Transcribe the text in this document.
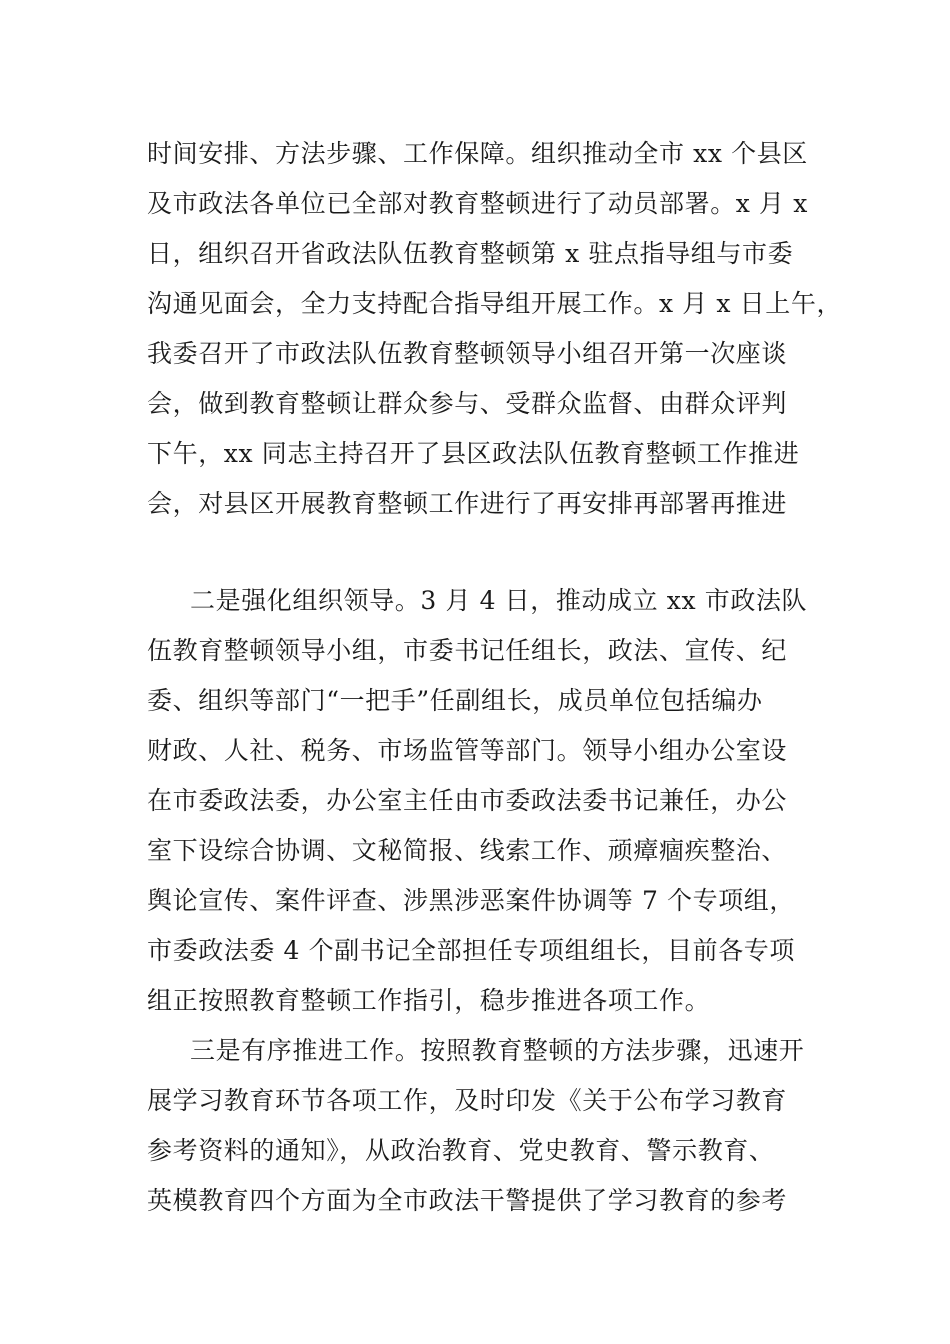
时间安排、方法步骤、工作保障。组织推动全市 xx 个县区
及市政法各单位已全部对教育整顿进行了动员部署。x 月 x
日，组织召开省政法队伍教育整顿第 x 驻点指导组与市委
沟通见面会，全力支持配合指导组开展工作。x 月 x 日上午，
我委召开了市政法队伍教育整顿领导小组召开第一次座谈
会，做到教育整顿让群众参与、受群众监督、由群众评判
下午，xx 同志主持召开了县区政法队伍教育整顿工作推进
会，对县区开展教育整顿工作进行了再安排再部署再推进
二是强化组织领导。3 月 4 日，推动成立 xx 市政法队
伍教育整顿领导小组，市委书记任组长，政法、宣传、纪
委、组织等部门“一把手”任副组长，成员单位包括编办
财政、人社、税务、市场监管等部门。领导小组办公室设
在市委政法委，办公室主任由市委政法委书记兼任，办公
室下设综合协调、文秘简报、线索工作、顽瘴痼疾整治、
舆论宣传、案件评查、涉黑涉恶案件协调等 7 个专项组，
市委政法委 4 个副书记全部担任专项组组长，目前各专项
组正按照教育整顿工作指引，稳步推进各项工作。
三是有序推进工作。按照教育整顿的方法步骤，迅速开
展学习教育环节各项工作，及时印发《关于公布学习教育
参考资料的通知》，从政治教育、党史教育、警示教育、
英模教育四个方面为全市政法干警提供了学习教育的参考
